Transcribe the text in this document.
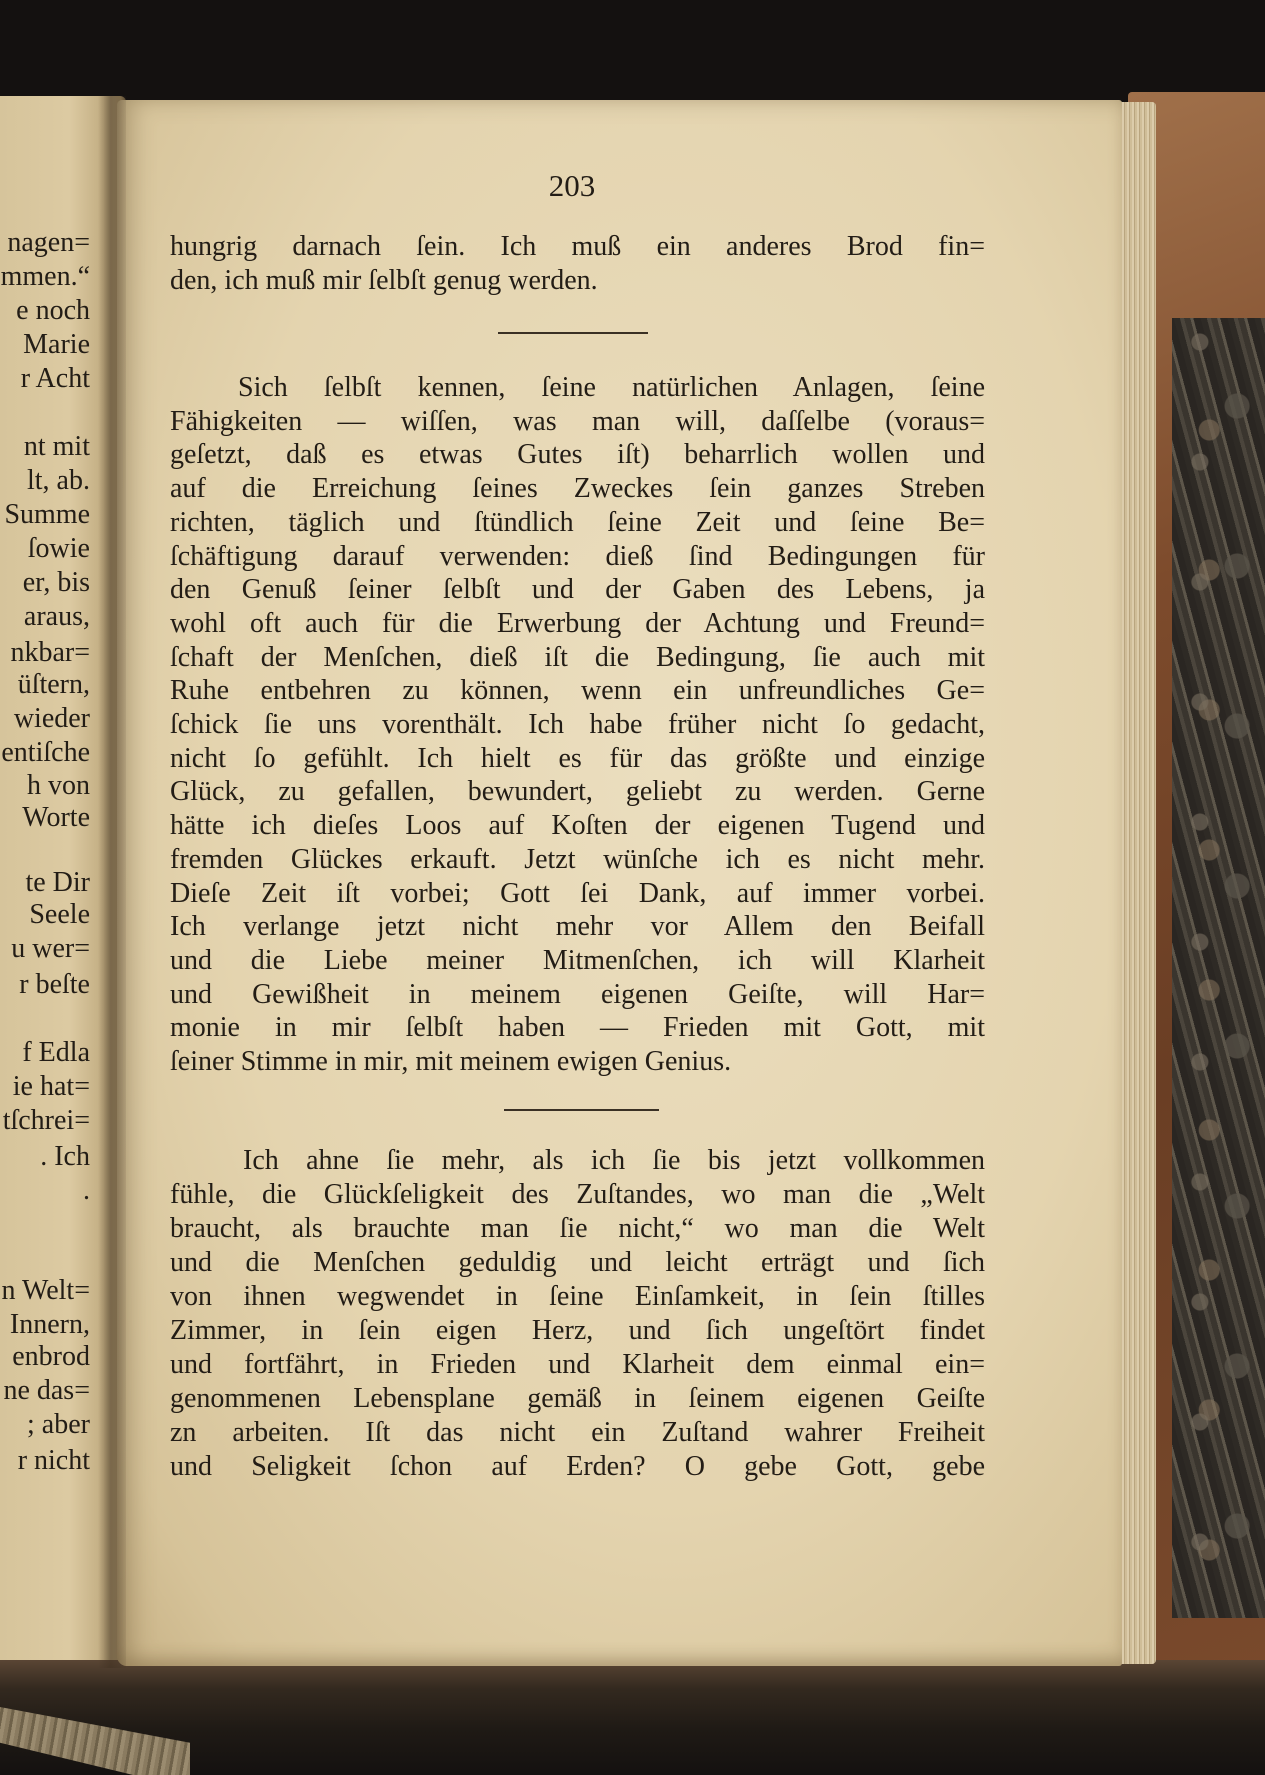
nagen=
mmen.“
e noch
Marie
r Acht
nt mit
lt, ab.
Summe
ſowie
er, bis
araus,
nkbar=
üſtern,
wieder
entiſche
h von
Worte
te Dir
Seele
u wer=
r beſte
f Edla
ie hat=
tſchrei=
. Ich
.
n Welt=
Innern,
enbrod
ne das=
; aber
r nicht
203
hungrig darnach ſein. Ich muß ein anderes Brod fin=
den, ich muß mir ſelbſt genug werden.
Sich ſelbſt kennen, ſeine natürlichen Anlagen, ſeine
Fähigkeiten — wiſſen, was man will, daſſelbe (voraus=
geſetzt, daß es etwas Gutes iſt) beharrlich wollen und
auf die Erreichung ſeines Zweckes ſein ganzes Streben
richten, täglich und ſtündlich ſeine Zeit und ſeine Be=
ſchäftigung darauf verwenden: dieß ſind Bedingungen für
den Genuß ſeiner ſelbſt und der Gaben des Lebens, ja
wohl oft auch für die Erwerbung der Achtung und Freund=
ſchaft der Menſchen, dieß iſt die Bedingung, ſie auch mit
Ruhe entbehren zu können, wenn ein unfreundliches Ge=
ſchick ſie uns vorenthält. Ich habe früher nicht ſo gedacht,
nicht ſo gefühlt. Ich hielt es für das größte und einzige
Glück, zu gefallen, bewundert, geliebt zu werden. Gerne
hätte ich dieſes Loos auf Koſten der eigenen Tugend und
fremden Glückes erkauft. Jetzt wünſche ich es nicht mehr.
Dieſe Zeit iſt vorbei; Gott ſei Dank, auf immer vorbei.
Ich verlange jetzt nicht mehr vor Allem den Beifall
und die Liebe meiner Mitmenſchen, ich will Klarheit
und Gewißheit in meinem eigenen Geiſte, will Har=
monie in mir ſelbſt haben — Frieden mit Gott, mit
ſeiner Stimme in mir, mit meinem ewigen Genius.
Ich ahne ſie mehr, als ich ſie bis jetzt vollkommen
fühle, die Glückſeligkeit des Zuſtandes, wo man die „Welt
braucht, als brauchte man ſie nicht,“ wo man die Welt
und die Menſchen geduldig und leicht erträgt und ſich
von ihnen wegwendet in ſeine Einſamkeit, in ſein ſtilles
Zimmer, in ſein eigen Herz, und ſich ungeſtört findet
und fortfährt, in Frieden und Klarheit dem einmal ein=
genommenen Lebensplane gemäß in ſeinem eigenen Geiſte
zn arbeiten. Iſt das nicht ein Zuſtand wahrer Freiheit
und Seligkeit ſchon auf Erden? O gebe Gott, gebe
